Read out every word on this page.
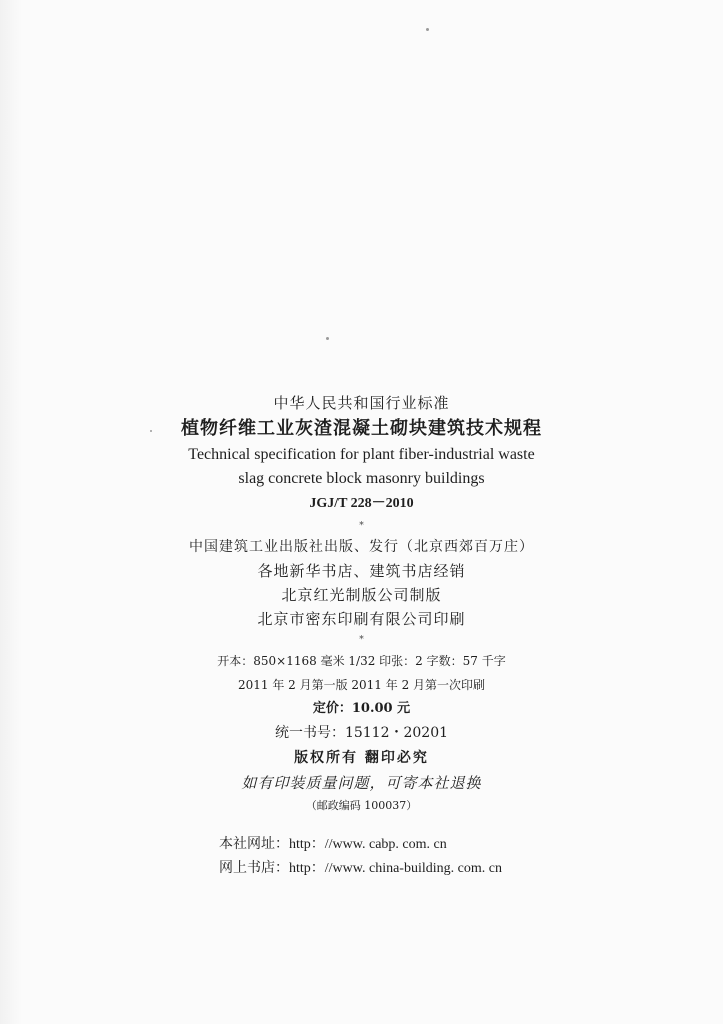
中华人民共和国行业标准
植物纤维工业灰渣混凝土砌块建筑技术规程
Technical specification for plant fiber-industrial waste
slag concrete block masonry buildings
JGJ/T 228－2010
*
中国建筑工业出版社出版、发行（北京西郊百万庄）
各地新华书店、建筑书店经销
北京红光制版公司制版
北京市密东印刷有限公司印刷
*
开本：850×1168 毫米 1/32 印张：2 字数：57 千字
2011 年 2 月第一版 2011 年 2 月第一次印刷
定价：10.00 元
统一书号：15112・20201
版权所有 翻印必究
如有印装质量问题，可寄本社退换
（邮政编码 100037）
本社网址：http：//www. cabp. com. cn
网上书店：http：//www. china-building. com. cn
